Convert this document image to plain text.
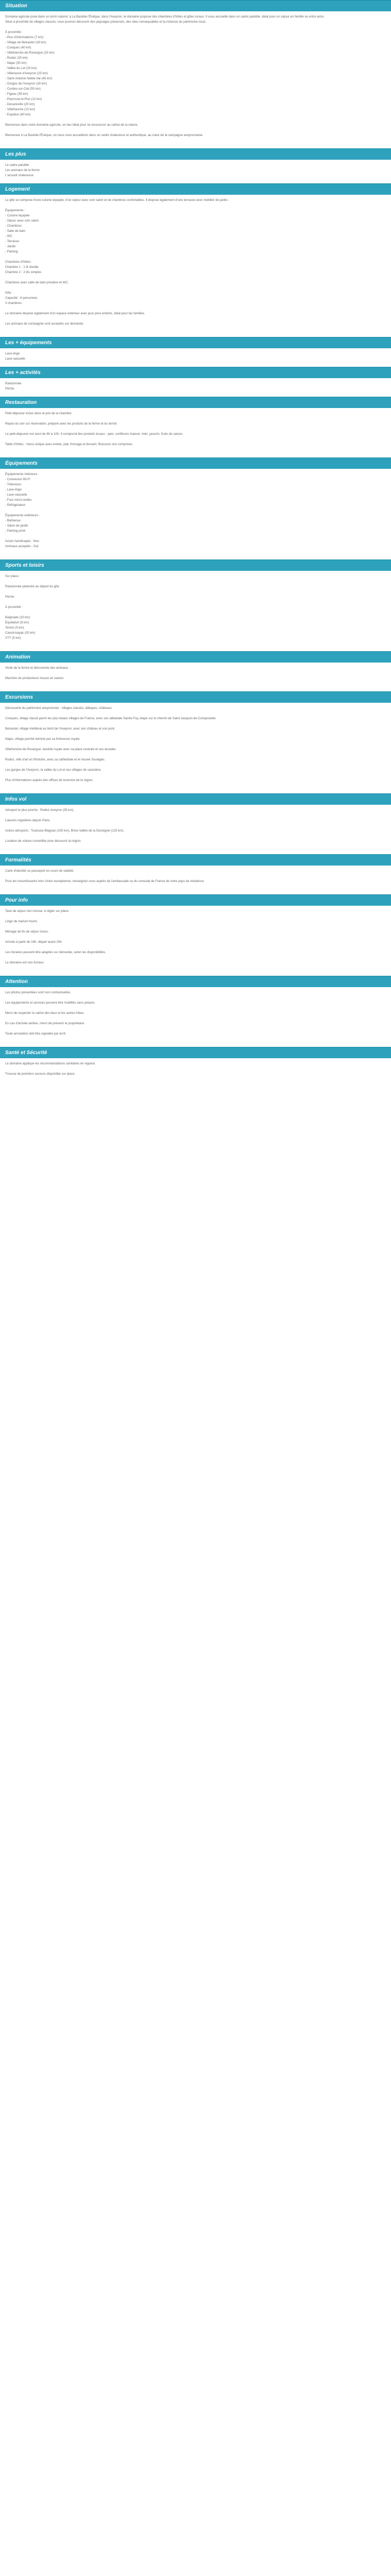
Situation

Domaine agricole posé dans un écrin naturel, à La Bastide-l'Évêque, dans l'Aveyron, le domaine propose des chambres d'hôtes et gîtes ruraux. Il vous accueille dans un cadre paisible, idéal pour un séjour en famille ou entre amis.

Situé à proximité de villages classés, vous pourrez découvrir des paysages préservés, des sites remarquables et la richesse du patrimoine local.

À proximité :

- Plus d'informations (7 km)

- Village de Belcastel (18 km)

- Conques (40 km)

- Villefranche-de-Rouergue (15 km)

- Rodez (35 km)

- Najac (30 km)

- Vallée du Lot (20 km)

- Villeneuve d'Aveyron (25 km)

- Saint-Antonin-Noble-Val (45 km)

- Gorges de l'Aveyron (30 km)

- Cordes-sur-Ciel (55 km)

- Figeac (35 km)

- Peyrusse-le-Roc (12 km)

- Decazeville (20 km)

- Villefranche (15 km)

- Espalion (60 km)

Bienvenue dans notre domaine agricole, un lieu idéal pour se ressourcer au calme de la nature.

Bienvenue à La Bastide-l'Évêque, où nous vous accueillons dans un cadre chaleureux et authentique, au cœur de la campagne aveyronnaise.

Les plus

Le cadre paisible

Les animaux de la ferme

L'accueil chaleureux

Logement

Le gîte se compose d'une cuisine équipée, d'un séjour avec coin salon et de chambres confortables. Il dispose également d'une terrasse avec mobilier de jardin.

Équipements :

- Cuisine équipée

- Séjour avec coin salon

- Chambres

- Salle de bain

- WC

- Terrasse

- Jardin

- Parking

Chambres d'hôtes :

Chambre 1 : 1 lit double

Chambre 2 : 2 lits simples

Chambres avec salle de bain privative et WC.

Gîte :

Capacité : 6 personnes

3 chambres

Le domaine dispose également d'un espace extérieur avec jeux pour enfants, idéal pour les familles.

Les animaux de compagnie sont acceptés sur demande.

Les + équipements

Lave-linge

Lave-vaisselle

Les + activités

Randonnée

Pêche

Restauration

Petit-déjeuner inclus dans le prix de la chambre.

Repas du soir sur réservation, préparé avec les produits de la ferme et du terroir.

Le petit-déjeuner est servi de 8h à 10h. Il comprend des produits locaux : pain, confitures maison, miel, yaourts, fruits de saison.

Table d'hôtes : menu unique avec entrée, plat, fromage et dessert. Boissons non comprises.

Équipements

Équipements intérieurs :

- Connexion Wi-Fi

- Télévision

- Lave-linge

- Lave-vaisselle

- Four micro-ondes

- Réfrigérateur

Équipements extérieurs :

- Barbecue

- Salon de jardin

- Parking privé

Accès handicapés : Non

Animaux acceptés : Oui

Sports et loisirs

Sur place :

Randonnée pédestre au départ du gîte

Pêche

À proximité :

Baignade (10 km)

Équitation (8 km)

Tennis (5 km)

Canoë-kayak (20 km)

VTT (5 km)

Animation

Visite de la ferme et découverte des animaux.

Marchés de producteurs locaux en saison.

Excursions

Découverte du patrimoine aveyronnais : villages classés, abbayes, châteaux.

Conques, village classé parmi les plus beaux villages de France, avec son abbatiale Sainte-Foy, étape sur le chemin de Saint-Jacques-de-Compostelle.

Belcastel, village médiéval au bord de l'Aveyron, avec son château et son pont.

Najac, village perché dominé par sa forteresse royale.

Villefranche-de-Rouergue, bastide royale avec sa place centrale et ses arcades.

Rodez, ville d'art et d'histoire, avec sa cathédrale et le musée Soulages.

Les gorges de l'Aveyron, la vallée du Lot et ses villages de caractère.

Plus d'informations auprès des offices de tourisme de la région.

Infos vol

Aéroport le plus proche : Rodez-Aveyron (35 km).

Liaisons régulières depuis Paris.

Autres aéroports : Toulouse-Blagnac (150 km), Brive-Vallée de la Dordogne (120 km).

Location de voiture conseillée pour découvrir la région.

Formalités

Carte d'identité ou passeport en cours de validité.

Pour les ressortissants hors Union européenne, renseignez-vous auprès de l'ambassade ou du consulat de France de votre pays de résidence.

Pour info

Taxe de séjour non incluse, à régler sur place.

Linge de maison fourni.

Ménage de fin de séjour inclus.

Arrivée à partir de 16h, départ avant 10h.

Les horaires peuvent être adaptés sur demande, selon les disponibilités.

Le domaine est non-fumeur.

Attention

Les photos présentées sont non contractuelles.

Les équipements et services peuvent être modifiés sans préavis.

Merci de respecter le calme des lieux et les autres hôtes.

En cas d'arrivée tardive, merci de prévenir le propriétaire.

Toute annulation doit être signalée par écrit.

Santé et Sécurité

Le domaine applique les recommandations sanitaires en vigueur.

Trousse de premiers secours disponible sur place.
